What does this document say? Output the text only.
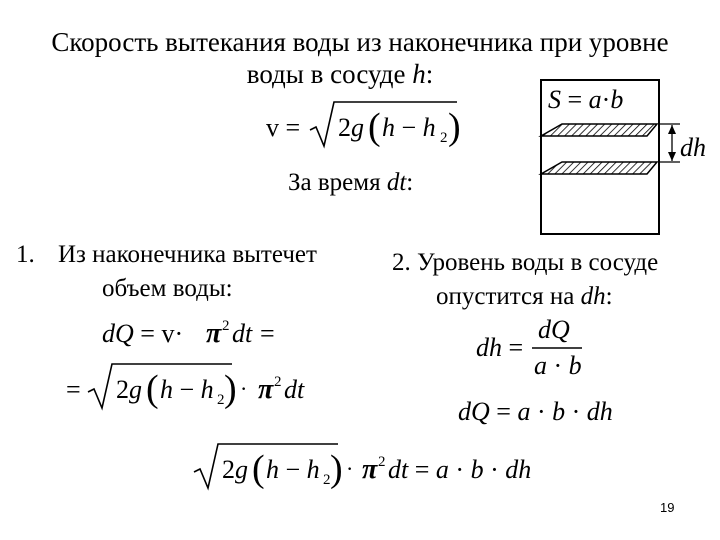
Скорость вытекания воды из наконечника при уровне
воды в сосуде h:
S = a·b
dh
v = 2g ( h − h 2 )
За время dt:
1. Из наконечника вытечет
объем воды:
2. Уровень воды в сосуде
опустится на dh:
dQ = v· π 2 dt =
= 2g ( h − h 2 ) · π 2 dt
dh =
dQ
a · b
dQ = a · b · dh
2g ( h − h 2 ) · π 2 dt = a · b · dh
19
